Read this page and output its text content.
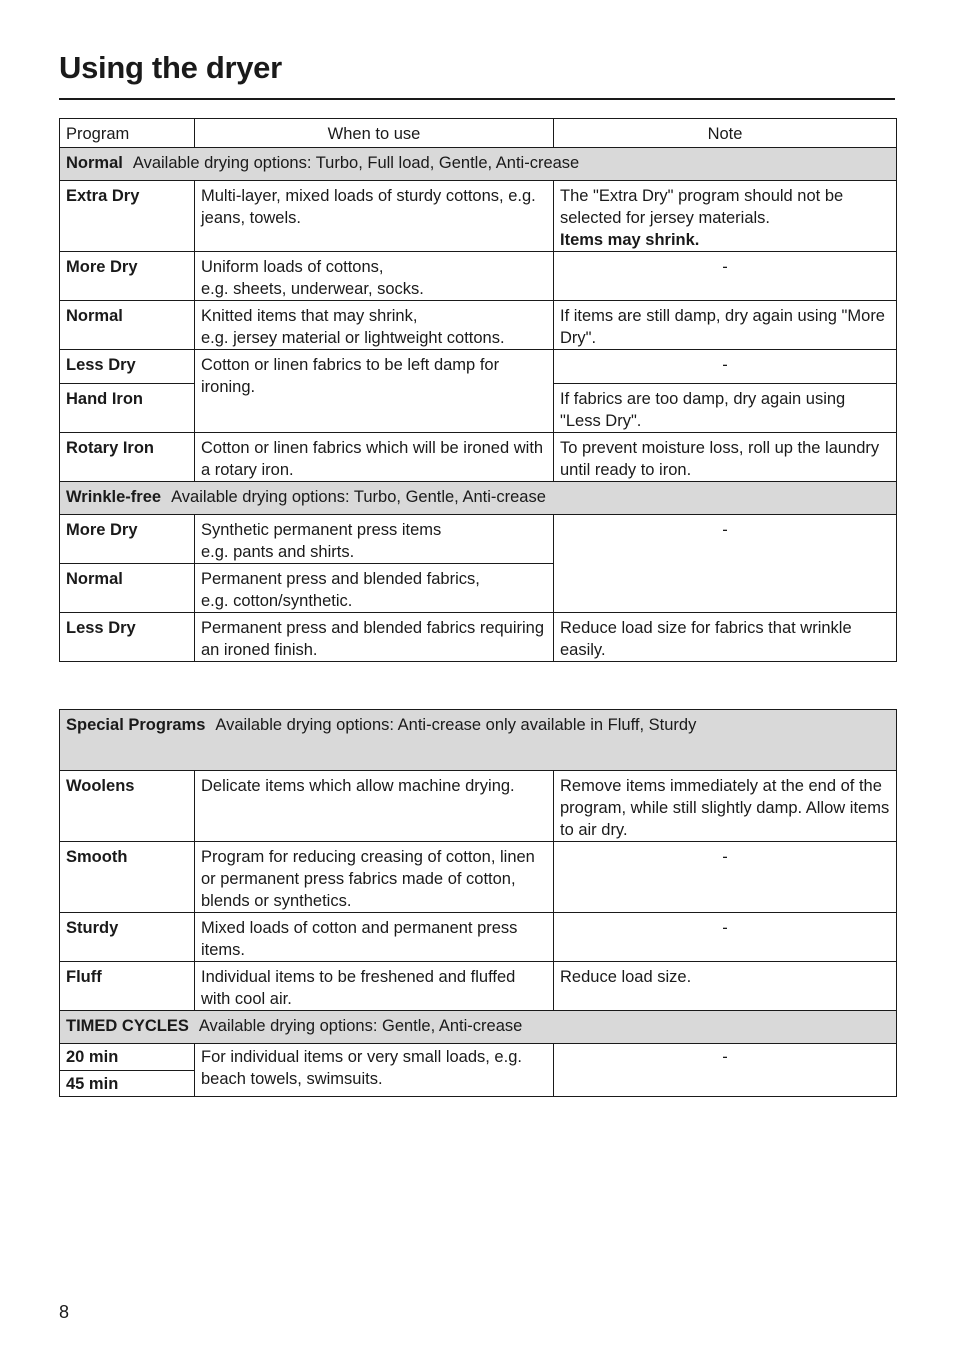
Using the dryer
Program	When to use	Note
Normal Available drying options: Turbo, Full load, Gentle, Anti-crease		
Extra Dry	Multi-layer, mixed loads of sturdy cottons, e.g. jeans, towels.	The "Extra Dry" program should not be selected for jersey materials.
Items may shrink.
More Dry	Uniform loads of cottons,
e.g. sheets, underwear, socks.	-

Normal	Knitted items that may shrink,
e.g. jersey material or lightweight cottons.	If items are still damp, dry again using "More Dry".
Less Dry	Cotton or linen fabrics to be left damp for ironing.	-

Hand Iron		If fabrics are too damp, dry again using "Less Dry".
Rotary Iron	Cotton or linen fabrics which will be ironed with a rotary iron.	To prevent moisture loss, roll up the laundry until ready to iron.
Wrinkle-free Available drying options: Turbo, Gentle, Anti-crease		
More Dry	Synthetic permanent press items
e.g. pants and shirts.	-

Normal	Permanent press and blended fabrics,
e.g. cotton/synthetic.	
Less Dry	Permanent press and blended fabrics requiring an ironed finish.	Reduce load size for fabrics that wrinkle easily.
Special Programs Available drying options: Anti-crease only available in Fluff, Sturdy		
Woolens	Delicate items which allow machine drying.	Remove items immediately at the end of the program, while still slightly damp. Allow items to air dry.
Smooth	Program for reducing creasing of cotton, linen or permanent press fabrics made of cotton, blends or synthetics.	-

Sturdy	Mixed loads of cotton and permanent press items.	-

Fluff	Individual items to be freshened and fluffed with cool air.	Reduce load size.
TIMED CYCLES Available drying options: Gentle, Anti-crease		
20 min	For individual items or very small loads, e.g. beach towels, swimsuits.	-

45 min		
8
